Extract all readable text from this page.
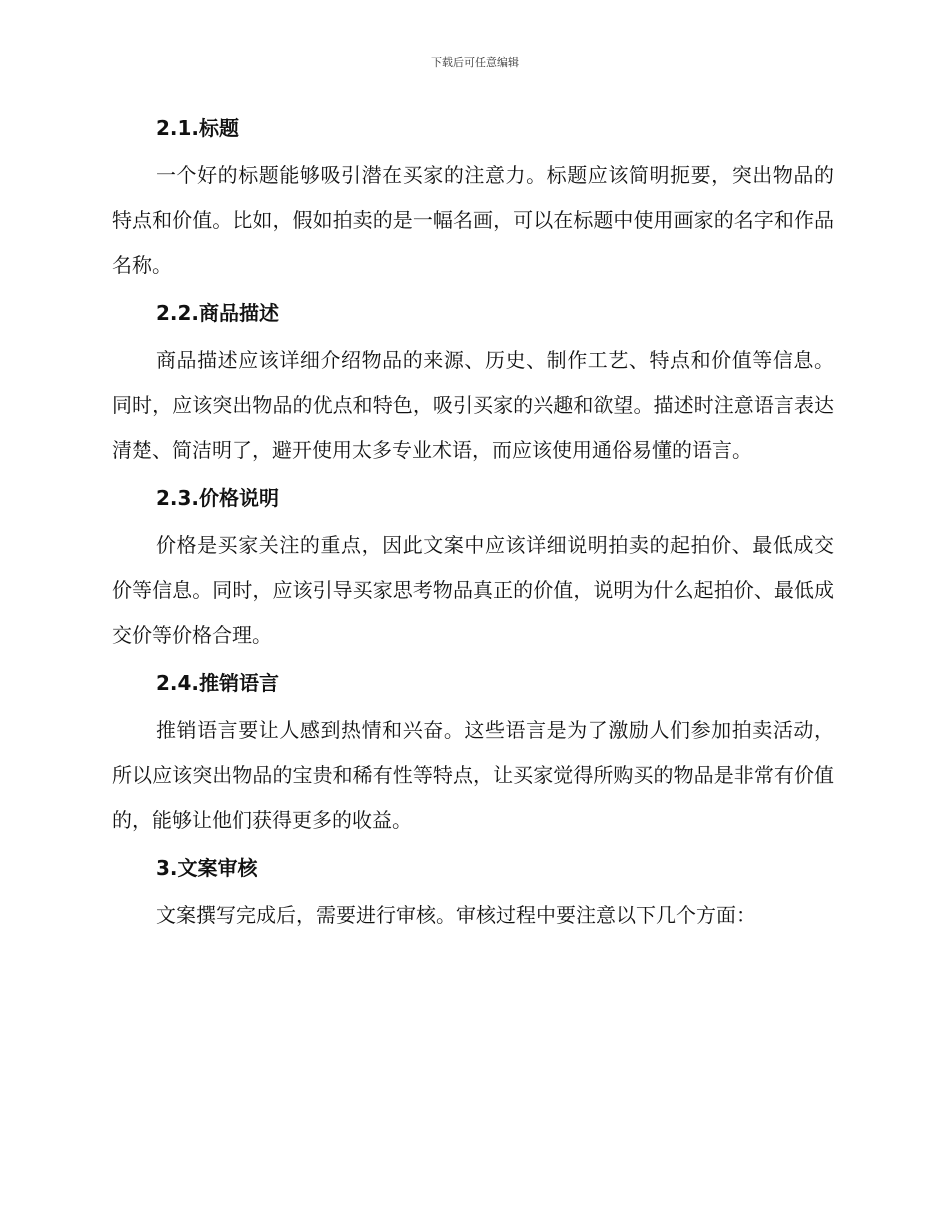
下载后可任意编辑
2.1.标题

一个好的标题能够吸引潜在买家的注意力。标题应该简明扼要，突出物品的特点和价值。比如，假如拍卖的是一幅名画，可以在标题中使用画家的名字和作品名称。

2.2.商品描述

商品描述应该详细介绍物品的来源、历史、制作工艺、特点和价值等信息。同时，应该突出物品的优点和特色，吸引买家的兴趣和欲望。描述时注意语言表达清楚、简洁明了，避开使用太多专业术语，而应该使用通俗易懂的语言。

2.3.价格说明

价格是买家关注的重点，因此文案中应该详细说明拍卖的起拍价、最低成交价等信息。同时，应该引导买家思考物品真正的价值，说明为什么起拍价、最低成交价等价格合理。

2.4.推销语言

推销语言要让人感到热情和兴奋。这些语言是为了激励人们参加拍卖活动，所以应该突出物品的宝贵和稀有性等特点，让买家觉得所购买的物品是非常有价值的，能够让他们获得更多的收益。

3.文案审核

文案撰写完成后，需要进行审核。审核过程中要注意以下几个方面：
